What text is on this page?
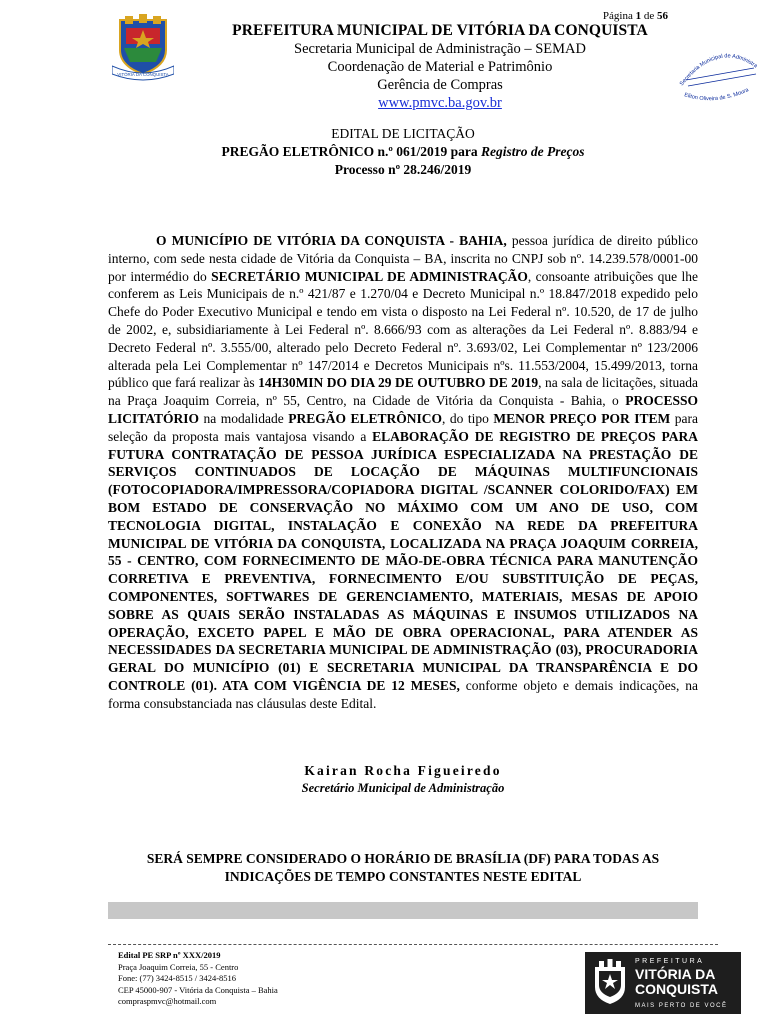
Página 1 de 56
VITÓRIA DA CONQUISTA
PREFEITURA MUNICIPAL DE VITÓRIA DA CONQUISTA
Secretaria Municipal de Administração – SEMAD
Coordenação de Material e Patrimônio
Gerência de Compras
www.pmvc.ba.gov.br
Secretaria Municipal de Administra
Eliton Oliveira de S. Moura
EDITAL DE LICITAÇÃO
PREGÃO ELETRÔNICO n.º 061/2019 para Registro de Preços
Processo nº 28.246/2019
O MUNICÍPIO DE VITÓRIA DA CONQUISTA - BAHIA, pessoa jurídica de direito público interno, com sede nesta cidade de Vitória da Conquista – BA, inscrita no CNPJ sob nº. 14.239.578/0001-00 por intermédio do SECRETÁRIO MUNICIPAL DE ADMINISTRAÇÃO, consoante atribuições que lhe conferem as Leis Municipais de n.º 421/87 e 1.270/04 e Decreto Municipal n.º 18.847/2018 expedido pelo Chefe do Poder Executivo Municipal e tendo em vista o disposto na Lei Federal nº. 10.520, de 17 de julho de 2002, e, subsidiariamente à Lei Federal nº. 8.666/93 com as alterações da Lei Federal nº. 8.883/94 e Decreto Federal nº. 3.555/00, alterado pelo Decreto Federal nº. 3.693/02, Lei Complementar nº 123/2006 alterada pela Lei Complementar nº 147/2014 e Decretos Municipais nºs. 11.553/2004, 15.499/2013, torna público que fará realizar às 14H30MIN DO DIA 29 DE OUTUBRO DE 2019, na sala de licitações, situada na Praça Joaquim Correia, nº 55, Centro, na Cidade de Vitória da Conquista - Bahia, o PROCESSO LICITATÓRIO na modalidade PREGÃO ELETRÔNICO, do tipo MENOR PREÇO POR ITEM para seleção da proposta mais vantajosa visando a ELABORAÇÃO DE REGISTRO DE PREÇOS PARA FUTURA CONTRATAÇÃO DE PESSOA JURÍDICA ESPECIALIZADA NA PRESTAÇÃO DE SERVIÇOS CONTINUADOS DE LOCAÇÃO DE MÁQUINAS MULTIFUNCIONAIS (FOTOCOPIADORA/IMPRESSORA/COPIADORA DIGITAL /SCANNER COLORIDO/FAX) EM BOM ESTADO DE CONSERVAÇÃO NO MÁXIMO COM UM ANO DE USO, COM TECNOLOGIA DIGITAL, INSTALAÇÃO E CONEXÃO NA REDE DA PREFEITURA MUNICIPAL DE VITÓRIA DA CONQUISTA, LOCALIZADA NA PRAÇA JOAQUIM CORREIA, 55 - CENTRO, COM FORNECIMENTO DE MÃO-DE-OBRA TÉCNICA PARA MANUTENÇÃO CORRETIVA E PREVENTIVA, FORNECIMENTO E/OU SUBSTITUIÇÃO DE PEÇAS, COMPONENTES, SOFTWARES DE GERENCIAMENTO, MATERIAIS, MESAS DE APOIO SOBRE AS QUAIS SERÃO INSTALADAS AS MÁQUINAS E INSUMOS UTILIZADOS NA OPERAÇÃO, EXCETO PAPEL E MÃO DE OBRA OPERACIONAL, PARA ATENDER AS NECESSIDADES DA SECRETARIA MUNICIPAL DE ADMINISTRAÇÃO (03), PROCURADORIA GERAL DO MUNICÍPIO (01) E SECRETARIA MUNICIPAL DA TRANSPARÊNCIA E DO CONTROLE (01). ATA COM VIGÊNCIA DE 12 MESES, conforme objeto e demais indicações, na forma consubstanciada nas cláusulas deste Edital.
Kairan Rocha Figueiredo
Secretário Municipal de Administração
SERÁ SEMPRE CONSIDERADO O HORÁRIO DE BRASÍLIA (DF) PARA TODAS AS
INDICAÇÕES DE TEMPO CONSTANTES NESTE EDITAL
Edital PE SRP nº XXX/2019
Praça Joaquim Correia, 55 - Centro
Fone: (77) 3424-8515 / 3424-8516
CEP 45000-907 - Vitória da Conquista – Bahia
compraspmvc@hotmail.com
PREFEITURA
VITÓRIA DA
CONQUISTA
MAIS PERTO DE VOCÊ
